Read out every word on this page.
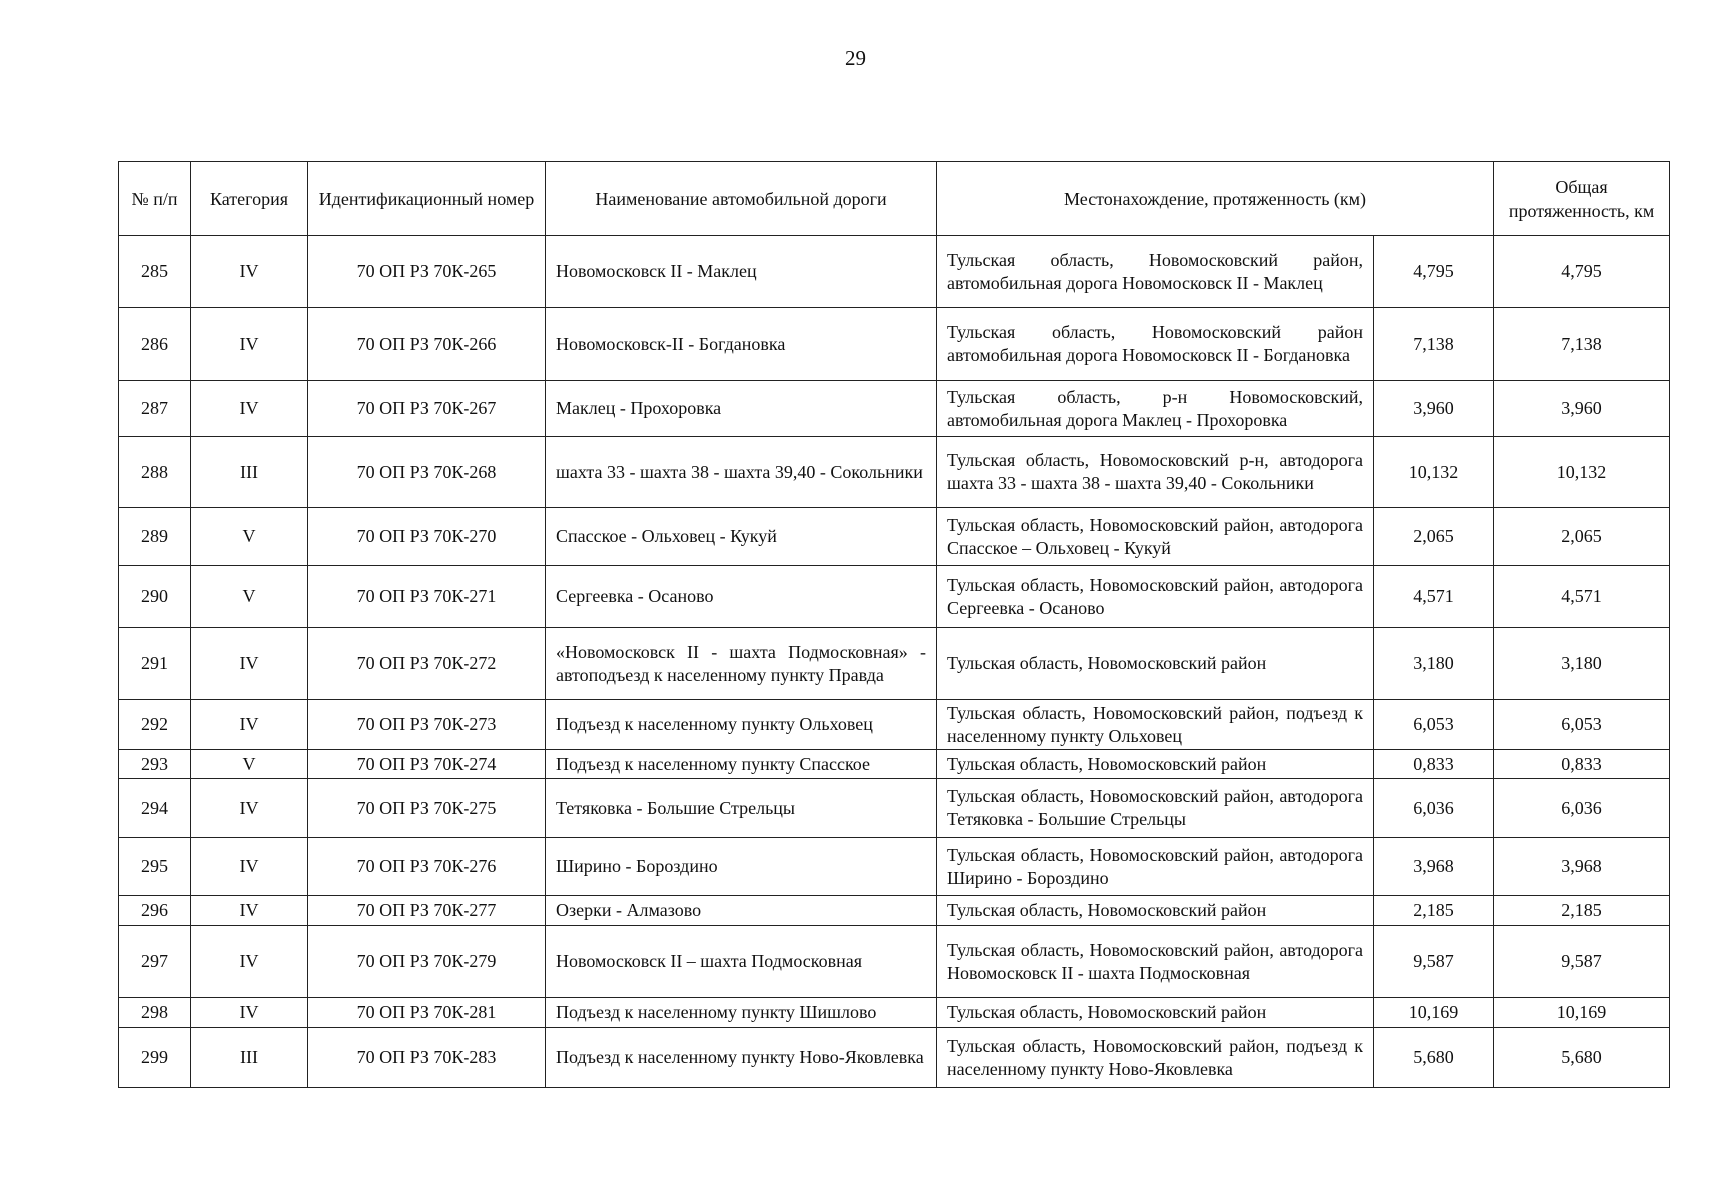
29
№ п/п	Категория	Идентификационный номер	Наименование автомобильной дороги	Местонахождение, протяженность (км)		Общая протяженность, км
285	IV	70 ОП РЗ 70К-265	Новомосковск II - Маклец	Тульская область, Новомосковский район, автомобильная дорога Новомосковск II - Маклец	4,795	4,795
286	IV	70 ОП РЗ 70К-266	Новомосковск-II - Богдановка	Тульская область, Новомосковский район автомобильная дорога Новомосковск II - Богдановка	7,138	7,138
287	IV	70 ОП РЗ 70К-267	Маклец - Прохоровка	Тульская область, р-н Новомосковский, автомобильная дорога Маклец - Прохоровка	3,960	3,960
288	III	70 ОП РЗ 70К-268	шахта 33 - шахта 38 - шахта 39,40 - Сокольники	Тульская область, Новомосковский р-н, автодорога шахта 33 - шахта 38 - шахта 39,40 - Сокольники	10,132	10,132
289	V	70 ОП РЗ 70К-270	Спасское - Ольховец - Кукуй	Тульская область, Новомосковский район, автодорога Спасское – Ольховец - Кукуй	2,065	2,065
290	V	70 ОП РЗ 70К-271	Сергеевка - Осаново	Тульская область, Новомосковский район, автодорога Сергеевка - Осаново	4,571	4,571
291	IV	70 ОП РЗ 70К-272	«Новомосковск II - шахта Подмосковная» - автоподъезд к населенному пункту Правда	Тульская область, Новомосковский район	3,180	3,180
292	IV	70 ОП РЗ 70К-273	Подъезд к населенному пункту Ольховец	Тульская область, Новомосковский район, подъезд к населенному пункту Ольховец	6,053	6,053
293	V	70 ОП РЗ 70К-274	Подъезд к населенному пункту Спасское	Тульская область, Новомосковский район	0,833	0,833
294	IV	70 ОП РЗ 70К-275	Тетяковка - Большие Стрельцы	Тульская область, Новомосковский район, автодорога Тетяковка - Большие Стрельцы	6,036	6,036
295	IV	70 ОП РЗ 70К-276	Ширино - Бороздино	Тульская область, Новомосковский район, автодорога Ширино - Бороздино	3,968	3,968
296	IV	70 ОП РЗ 70К-277	Озерки - Алмазово	Тульская область, Новомосковский район	2,185	2,185
297	IV	70 ОП РЗ 70К-279	Новомосковск II – шахта Подмосковная	Тульская область, Новомосковский район, автодорога Новомосковск II - шахта Подмосковная	9,587	9,587
298	IV	70 ОП РЗ 70К-281	Подъезд к населенному пункту Шишлово	Тульская область, Новомосковский район	10,169	10,169
299	III	70 ОП РЗ 70К-283	Подъезд к населенному пункту Ново-Яковлевка	Тульская область, Новомосковский район, подъезд к населенному пункту Ново-Яковлевка	5,680	5,680
